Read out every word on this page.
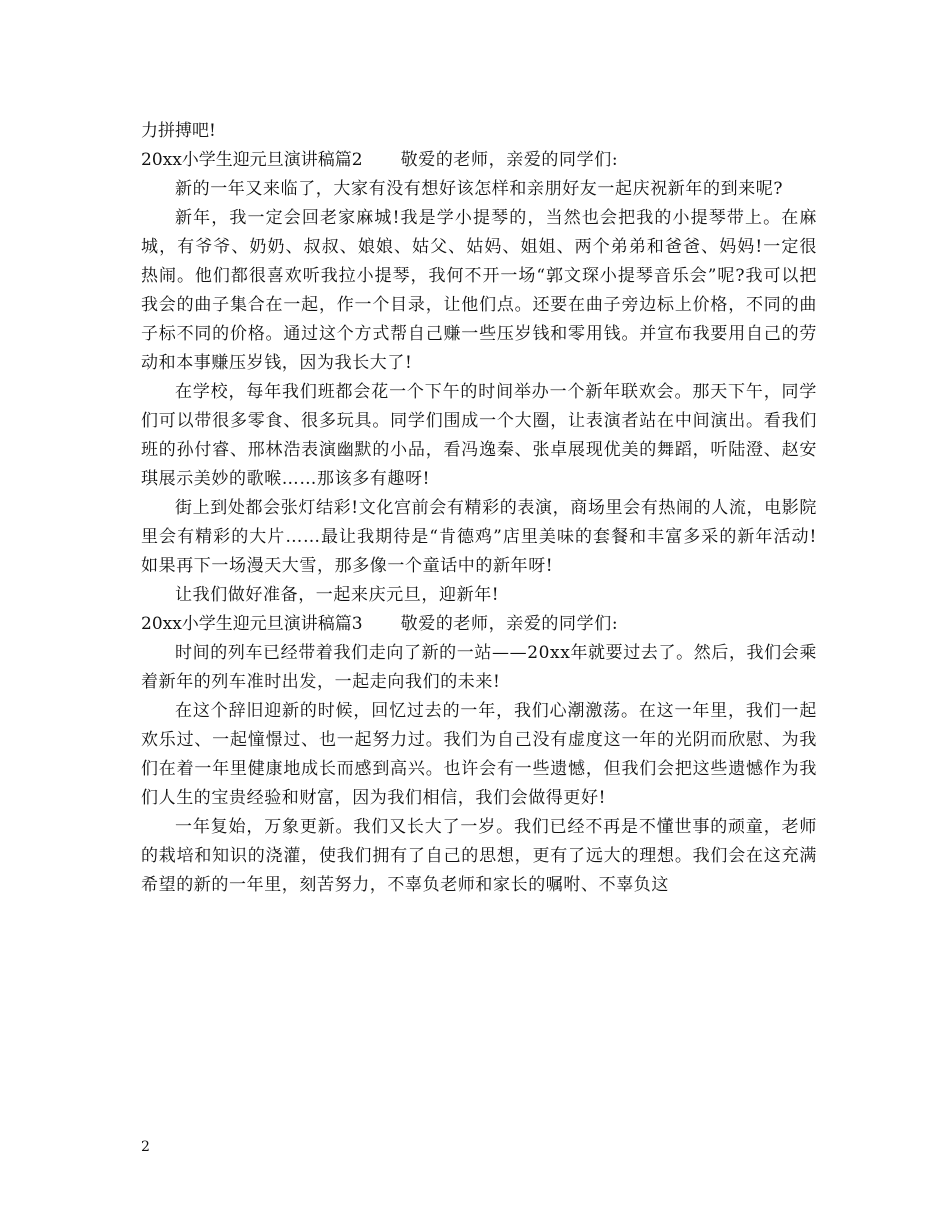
力拼搏吧!
20xx小学生迎元旦演讲稿篇2 敬爱的老师，亲爱的同学们:

新的一年又来临了，大家有没有想好该怎样和亲朋好友一起庆祝新年的到来呢?

新年，我一定会回老家麻城!我是学小提琴的，当然也会把我的小提琴带上。在麻城，有爷爷、奶奶、叔叔、娘娘、姑父、姑妈、姐姐、两个弟弟和爸爸、妈妈!一定很热闹。他们都很喜欢听我拉小提琴，我何不开一场“郭文琛小提琴音乐会”呢?我可以把我会的曲子集合在一起，作一个目录，让他们点。还要在曲子旁边标上价格，不同的曲子标不同的价格。通过这个方式帮自己赚一些压岁钱和零用钱。并宣布我要用自己的劳动和本事赚压岁钱，因为我长大了!

在学校，每年我们班都会花一个下午的时间举办一个新年联欢会。那天下午，同学们可以带很多零食、很多玩具。同学们围成一个大圈，让表演者站在中间演出。看我们班的孙付睿、邢林浩表演幽默的小品，看冯逸秦、张卓展现优美的舞蹈，听陆澄、赵安琪展示美妙的歌喉……那该多有趣呀!

街上到处都会张灯结彩!文化宫前会有精彩的表演，商场里会有热闹的人流，电影院里会有精彩的大片……最让我期待是“肯德鸡”店里美味的套餐和丰富多采的新年活动!如果再下一场漫天大雪，那多像一个童话中的新年呀!

让我们做好准备，一起来庆元旦，迎新年!

20xx小学生迎元旦演讲稿篇3 敬爱的老师，亲爱的同学们:

时间的列车已经带着我们走向了新的一站——20xx年就要过去了。然后，我们会乘着新年的列车准时出发，一起走向我们的未来!

在这个辞旧迎新的时候，回忆过去的一年，我们心潮激荡。在这一年里，我们一起欢乐过、一起憧憬过、也一起努力过。我们为自己没有虚度这一年的光阴而欣慰、为我们在着一年里健康地成长而感到高兴。也许会有一些遗憾，但我们会把这些遗憾作为我们人生的宝贵经验和财富，因为我们相信，我们会做得更好!

一年复始，万象更新。我们又长大了一岁。我们已经不再是不懂世事的顽童，老师的栽培和知识的浇灌，使我们拥有了自己的思想，更有了远大的理想。我们会在这充满希望的新的一年里，刻苦努力，不辜负老师和家长的嘱咐、不辜负这

2
